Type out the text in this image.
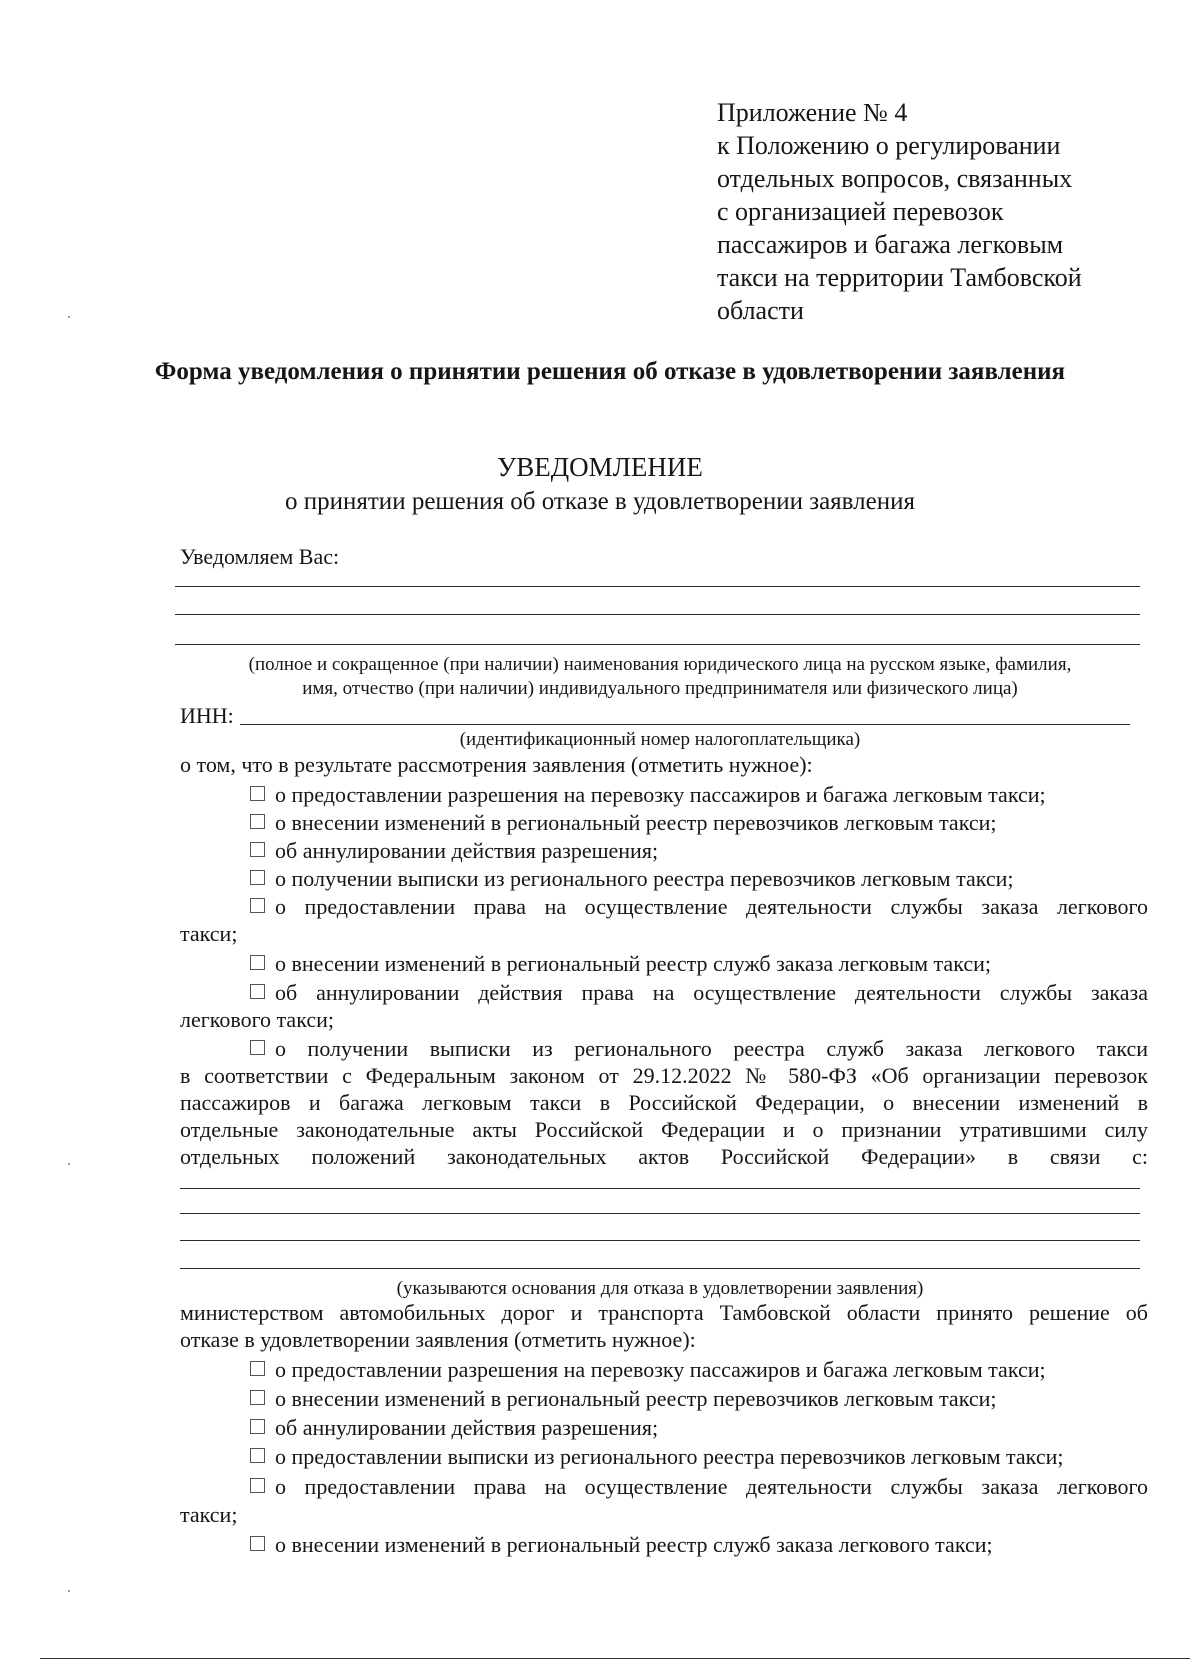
Приложение № 4
к Положению о регулировании
отдельных вопросов, связанных
с организацией перевозок
пассажиров и багажа легковым
такси на территории Тамбовской
области
Форма уведомления о принятии решения об отказе в удовлетворении заявления
УВЕДОМЛЕНИЕ
о принятии решения об отказе в удовлетворении заявления
Уведомляем Вас:
(полное и сокращенное (при наличии) наименования юридического лица на русском языке, фамилия,
имя, отчество (при наличии) индивидуального предпринимателя или физического лица)
ИНН:
(идентификационный номер налогоплательщика)
о том, что в результате рассмотрения заявления (отметить нужное):
о предоставлении разрешения на перевозку пассажиров и багажа легковым такси;
о внесении изменений в региональный реестр перевозчиков легковым такси;
об аннулировании действия разрешения;
о получении выписки из регионального реестра перевозчиков легковым такси;
о предоставлении права на осуществление деятельности службы заказа легкового
такси;
о внесении изменений в региональный реестр служб заказа легковым такси;
об аннулировании действия права на осуществление деятельности службы заказа
легкового такси;
о получении выписки из регионального реестра служб заказа легкового такси
в соответствии с Федеральным законом от 29.12.2022 № 580-ФЗ «Об организации перевозок
пассажиров и багажа легковым такси в Российской Федерации, о внесении изменений в
отдельные законодательные акты Российской Федерации и о признании утратившими силу
отдельных положений законодательных актов Российской Федерации» в связи с:
(указываются основания для отказа в удовлетворении заявления)
министерством автомобильных дорог и транспорта Тамбовской области принято решение об
отказе в удовлетворении заявления (отметить нужное):
о предоставлении разрешения на перевозку пассажиров и багажа легковым такси;
о внесении изменений в региональный реестр перевозчиков легковым такси;
об аннулировании действия разрешения;
о предоставлении выписки из регионального реестра перевозчиков легковым такси;
о предоставлении права на осуществление деятельности службы заказа легкового
такси;
о внесении изменений в региональный реестр служб заказа легкового такси;
